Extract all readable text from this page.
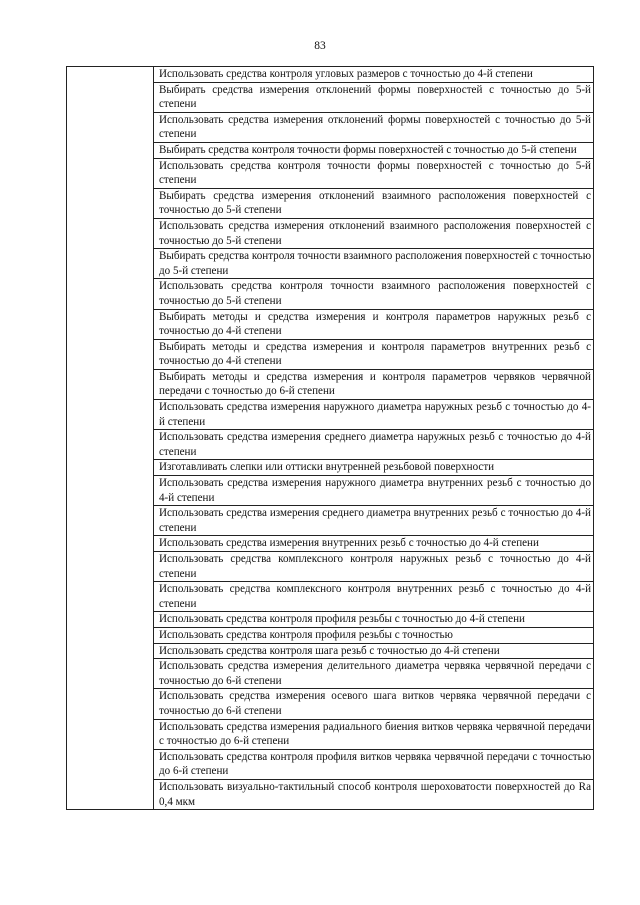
83
	Использовать средства контроля угловых размеров с точностью до 4-й степени
Выбирать средства измерения отклонений формы поверхностей с точностью до 5-й степени
Использовать средства измерения отклонений формы поверхностей с точностью до 5-й степени
Выбирать средства контроля точности формы поверхностей с точностью до 5-й степени
Использовать средства контроля точности формы поверхностей с точностью до 5-й степени
Выбирать средства измерения отклонений взаимного расположения поверхностей с точностью до 5-й степени
Использовать средства измерения отклонений взаимного расположения поверхностей с точностью до 5-й степени
Выбирать средства контроля точности взаимного расположения поверхностей с точностью до 5-й степени
Использовать средства контроля точности взаимного расположения поверхностей с точностью до 5-й степени
Выбирать методы и средства измерения и контроля параметров наружных резьб с точностью до 4-й степени
Выбирать методы и средства измерения и контроля параметров внутренних резьб с точностью до 4-й степени
Выбирать методы и средства измерения и контроля параметров червяков червячной передачи с точностью до 6-й степени
Использовать средства измерения наружного диаметра наружных резьб с точностью до 4-й степени
Использовать средства измерения среднего диаметра наружных резьб с точностью до 4-й степени
Изготавливать слепки или оттиски внутренней резьбовой поверхности
Использовать средства измерения наружного диаметра внутренних резьб с точностью до 4-й степени
Использовать средства измерения среднего диаметра внутренних резьб с точностью до 4-й степени
Использовать средства измерения внутренних резьб с точностью до 4-й степени
Использовать средства комплексного контроля наружных резьб с точностью до 4-й степени
Использовать средства комплексного контроля внутренних резьб с точностью до 4-й степени
Использовать средства контроля профиля резьбы с точностью до 4-й степени
Использовать средства контроля профиля резьбы с точностью
Использовать средства контроля шага резьб с точностью до 4-й степени
Использовать средства измерения делительного диаметра червяка червячной передачи с точностью до 6-й степени
Использовать средства измерения осевого шага витков червяка червячной передачи с точностью до 6-й степени
Использовать средства измерения радиального биения витков червяка червячной передачи с точностью до 6-й степени
Использовать средства контроля профиля витков червяка червячной передачи с точностью до 6-й степени
Использовать визуально-тактильный способ контроля шероховатости поверхностей до Ra 0,4 мкм
